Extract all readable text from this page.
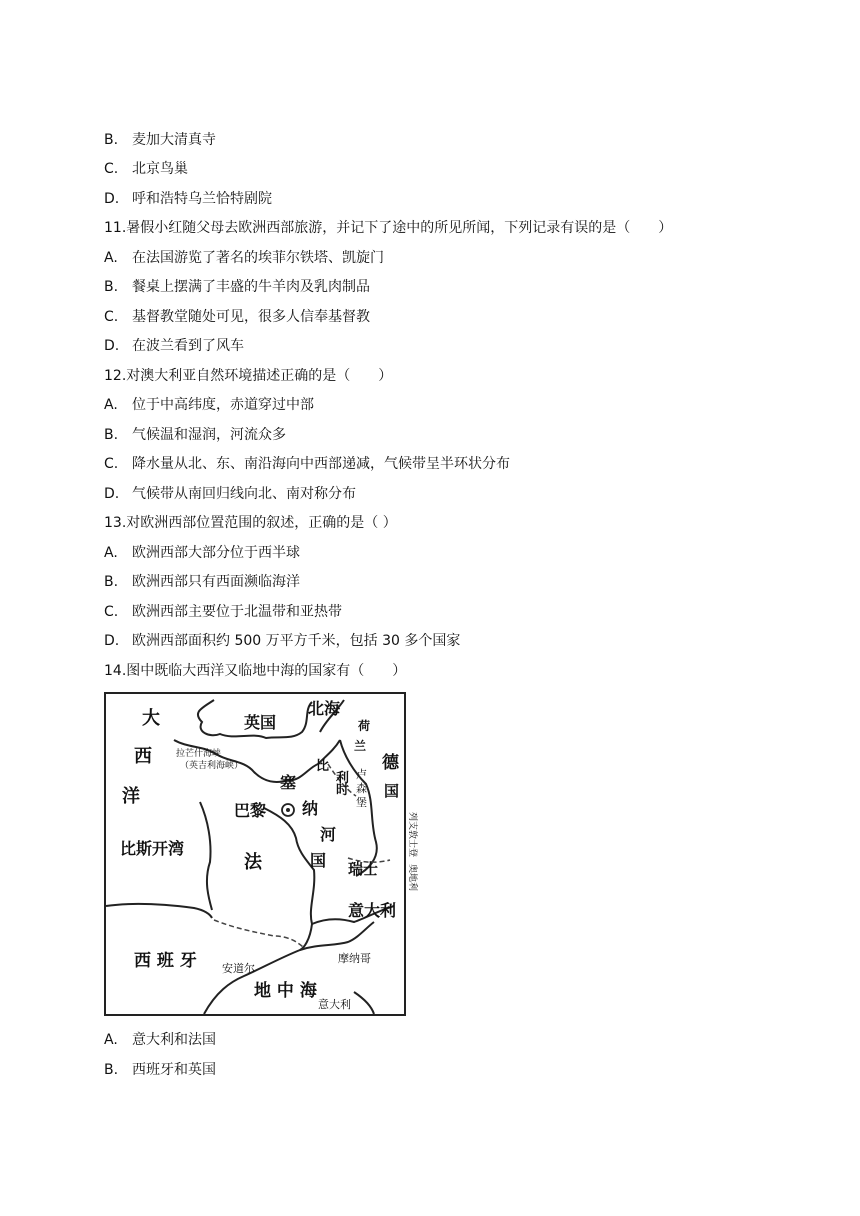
B. 麦加大清真寺
C. 北京鸟巢
D. 呼和浩特乌兰恰特剧院
11.暑假小红随父母去欧洲西部旅游，并记下了途中的所见所闻，下列记录有误的是（　　）
A. 在法国游览了著名的埃菲尔铁塔、凯旋门
B. 餐桌上摆满了丰盛的牛羊肉及乳肉制品
C. 基督教堂随处可见，很多人信奉基督教
D. 在波兰看到了风车
12.对澳大利亚自然环境描述正确的是（　　）
A. 位于中高纬度，赤道穿过中部
B. 气候温和湿润，河流众多
C. 降水量从北、东、南沿海向中西部递减，气候带呈半环状分布
D. 气候带从南回归线向北、南对称分布
13.对欧洲西部位置范围的叙述，正确的是（ ）
A. 欧洲西部大部分位于西半球
B. 欧洲西部只有西面濒临海洋
C. 欧洲西部主要位于北温带和亚热带
D. 欧洲西部面积约 500 万平方千米，包括 30 多个国家
14.图中既临大西洋又临地中海的国家有（　　）
大
西
洋
英国
北海
拉芒什海峡
（英吉利海峡）
荷
兰
比
利
时
卢
森
堡
德
国
塞
纳
河
国
巴黎
比斯开湾
法	瑞士
列支敦士登
奥地利
意大利
西 班 牙 安道尔
摩纳哥
地 中 海
意大利
A. 意大利和法国
B. 西班牙和英国
